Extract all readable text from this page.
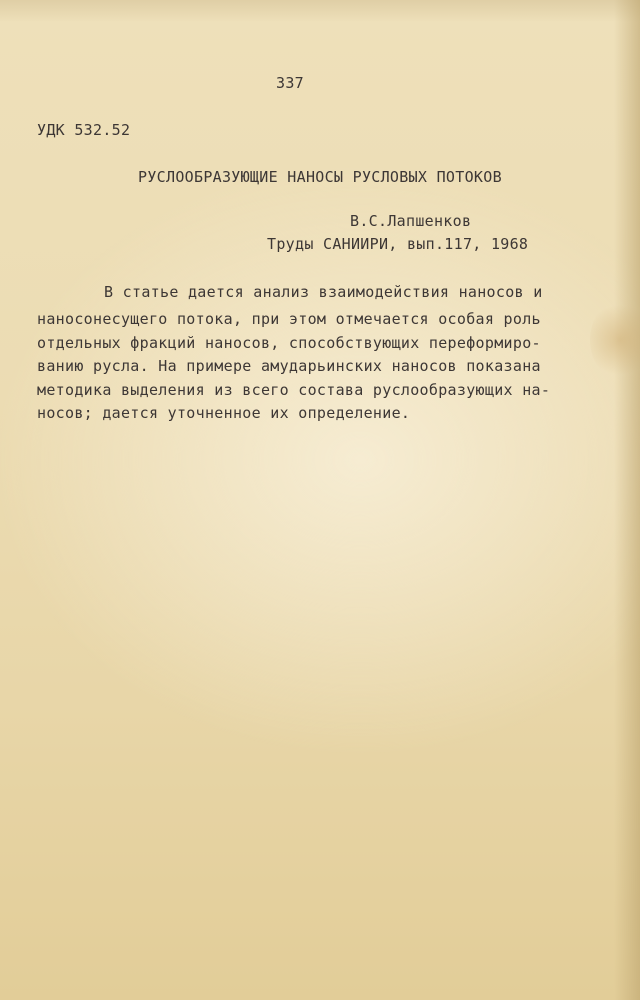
337
УДК 532.52
РУСЛООБРАЗУЮЩИЕ НАНОСЫ РУСЛОВЫХ ПОТОКОВ
В.С.Лапшенков
Труды САНИИРИ, вып.117, 1968
В статье дается анализ взаимодействия наносов и
наносонесущего потока, при этом отмечается особая роль
отдельных фракций наносов, способствующих переформиро-
ванию русла. На примере амударьинских наносов показана
методика выделения из всего состава руслообразующих на-
носов; дается уточненное их определение.
